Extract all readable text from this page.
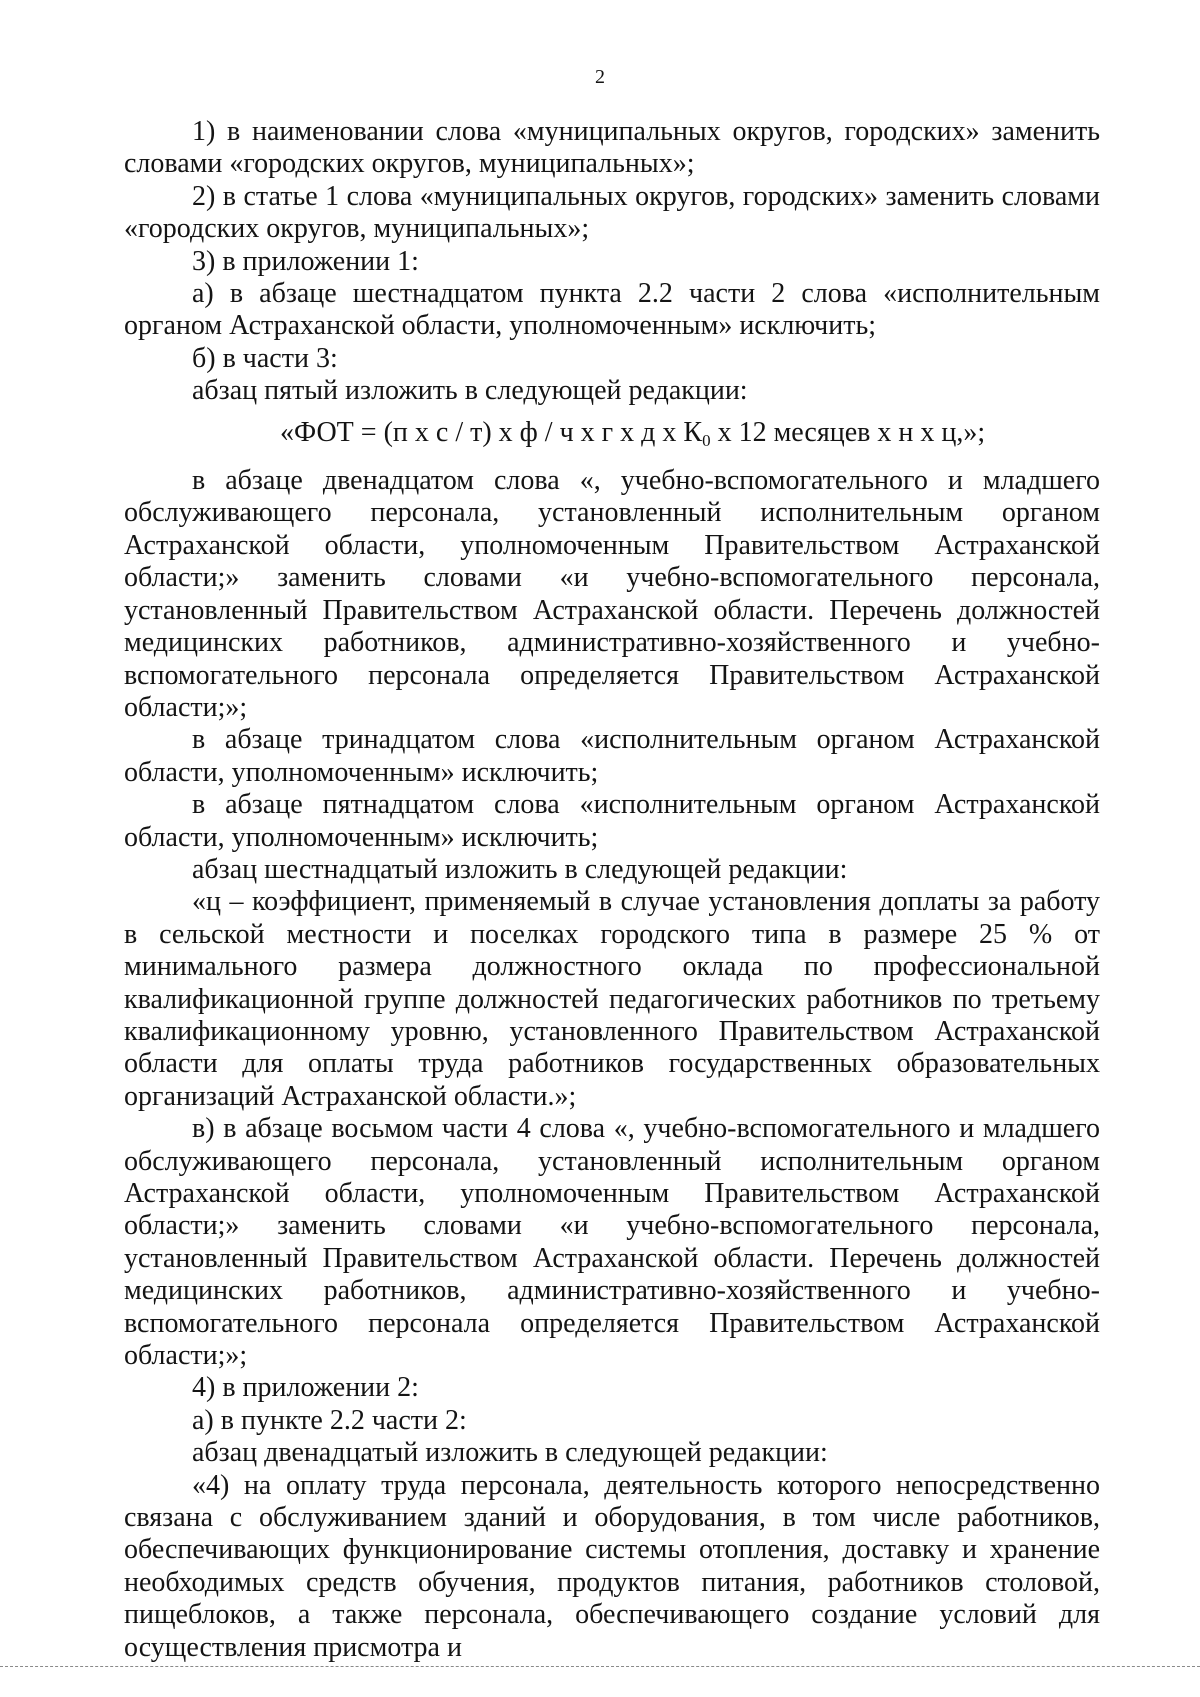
2

1) в наименовании слова «муниципальных округов, городских» заменить словами «городских округов, муниципальных»;

2) в статье 1 слова «муниципальных округов, городских» заменить словами «городских округов, муниципальных»;

3) в приложении 1:

а) в абзаце шестнадцатом пункта 2.2 части 2 слова «исполнительным органом Астраханской области, уполномоченным» исключить;

б) в части 3:

абзац пятый изложить в следующей редакции:

«ФОТ = (п х с / т) х ф / ч х г х д х $К_0$ х 12 месяцев х н х ц,»;

в абзаце двенадцатом слова «, учебно-вспомогательного и младшего обслуживающего персонала, установленный исполнительным органом Астраханской области, уполномоченным Правительством Астраханской области;» заменить словами «и учебно-вспомогательного персонала, установленный Правительством Астраханской области. Перечень должностей медицинских работников, административно-хозяйственного и учебно-вспомогательного персонала определяется Правительством Астраханской области;»;

в абзаце тринадцатом слова «исполнительным органом Астраханской области, уполномоченным» исключить;

в абзаце пятнадцатом слова «исполнительным органом Астраханской области, уполномоченным» исключить;

абзац шестнадцатый изложить в следующей редакции:

«ц – коэффициент, применяемый в случае установления доплаты за работу в сельской местности и поселках городского типа в размере 25 % от минимального размера должностного оклада по профессиональной квалификационной группе должностей педагогических работников по третьему квалификационному уровню, установленного Правительством Астраханской области для оплаты труда работников государственных образовательных организаций Астраханской области.»;

в) в абзаце восьмом части 4 слова «, учебно-вспомогательного и младшего обслуживающего персонала, установленный исполнительным органом Астраханской области, уполномоченным Правительством Астраханской области;» заменить словами «и учебно-вспомогательного персонала, установленный Правительством Астраханской области. Перечень должностей медицинских работников, административно-хозяйственного и учебно-вспомогательного персонала определяется Правительством Астраханской области;»;

4) в приложении 2:

а) в пункте 2.2 части 2:

абзац двенадцатый изложить в следующей редакции:

«4) на оплату труда персонала, деятельность которого непосредственно связана с обслуживанием зданий и оборудования, в том числе работников, обеспечивающих функционирование системы отопления, доставку и хранение необходимых средств обучения, продуктов питания, работников столовой, пищеблоков, а также персонала, обеспечивающего создание условий для осуществления присмотра и
